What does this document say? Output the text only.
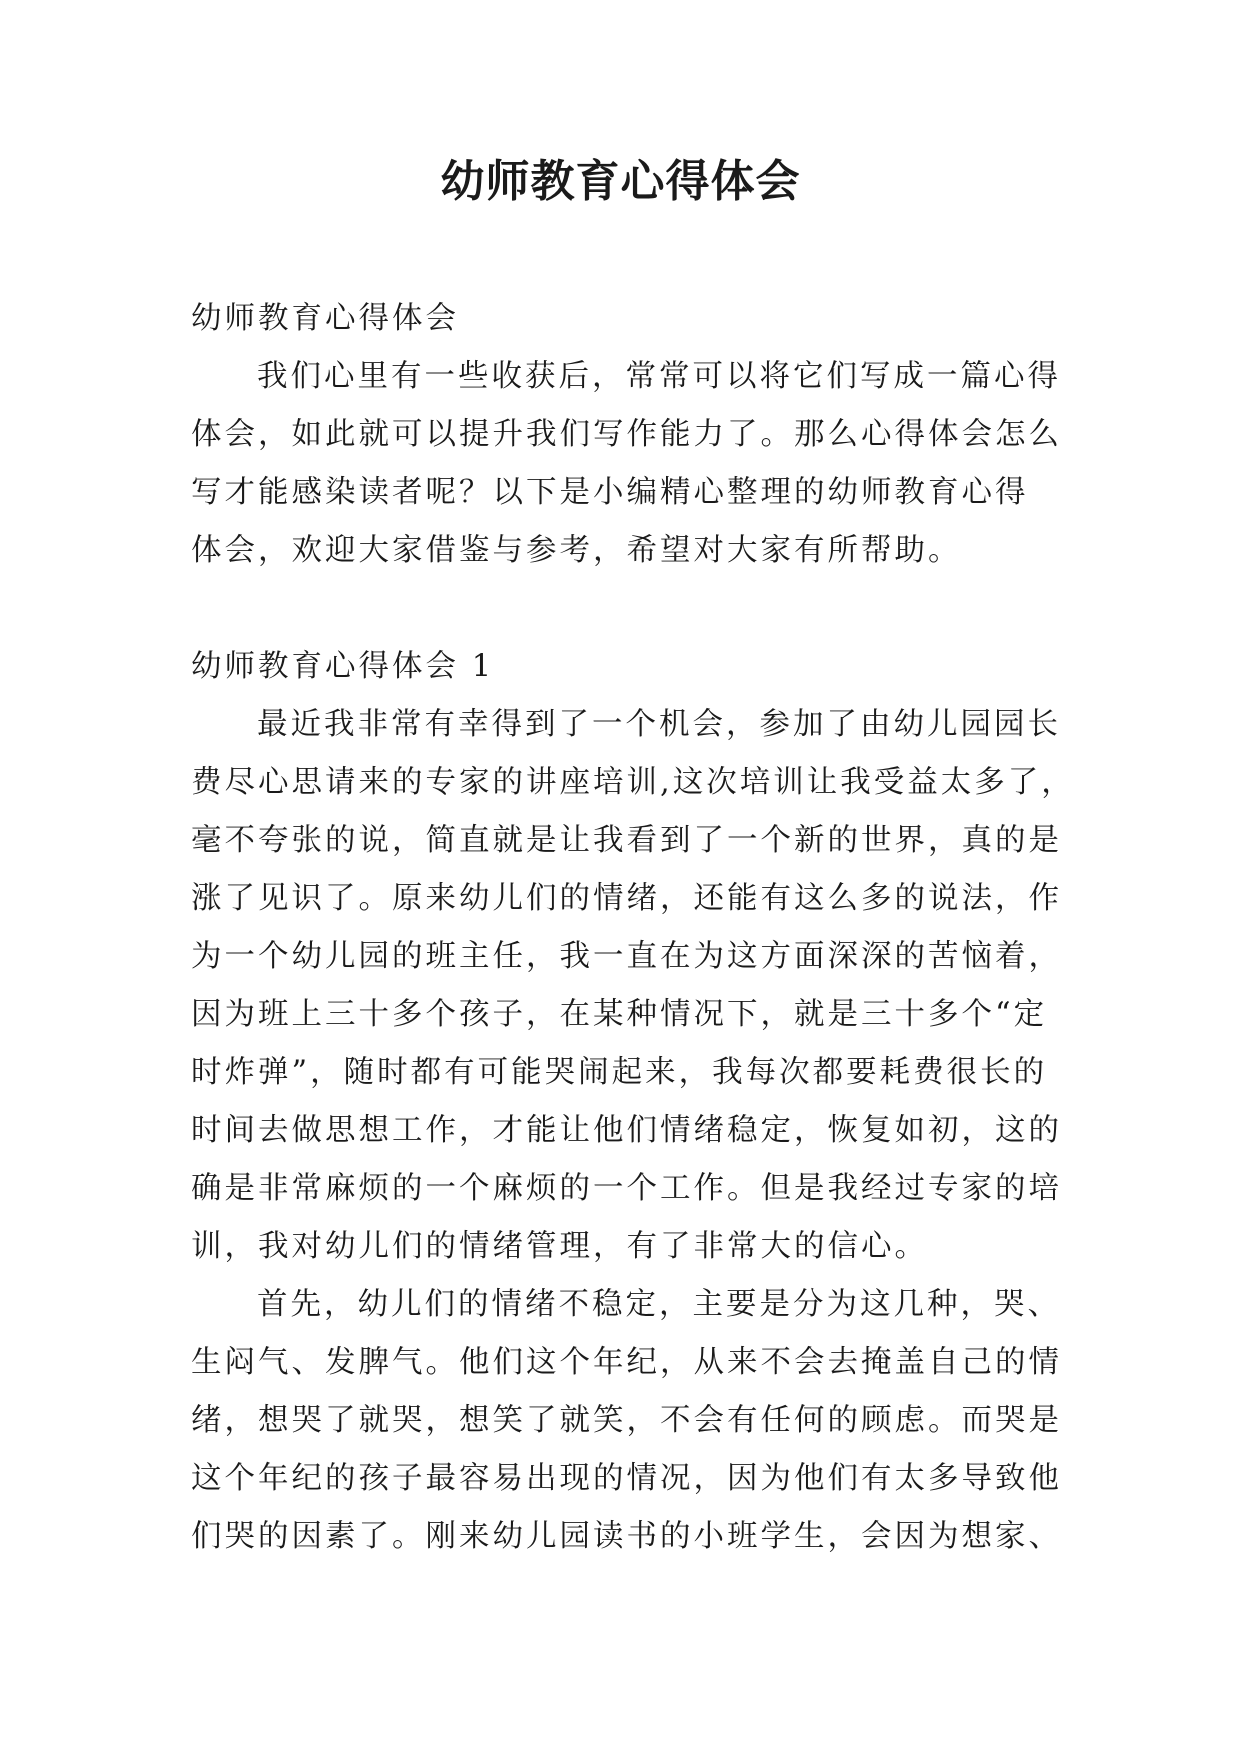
幼师教育心得体会
幼师教育心得体会
我们心里有一些收获后，常常可以将它们写成一篇心得
体会，如此就可以提升我们写作能力了。那么心得体会怎么
写才能感染读者呢？以下是小编精心整理的幼师教育心得
体会，欢迎大家借鉴与参考，希望对大家有所帮助。
幼师教育心得体会 1
最近我非常有幸得到了一个机会，参加了由幼儿园园长
费尽心思请来的专家的讲座培训,这次培训让我受益太多了，
毫不夸张的说，简直就是让我看到了一个新的世界，真的是
涨了见识了。原来幼儿们的情绪，还能有这么多的说法，作
为一个幼儿园的班主任，我一直在为这方面深深的苦恼着，
因为班上三十多个孩子，在某种情况下，就是三十多个“定
时炸弹”，随时都有可能哭闹起来，我每次都要耗费很长的
时间去做思想工作，才能让他们情绪稳定，恢复如初，这的
确是非常麻烦的一个麻烦的一个工作。但是我经过专家的培
训，我对幼儿们的情绪管理，有了非常大的信心。
首先，幼儿们的情绪不稳定，主要是分为这几种，哭、
生闷气、发脾气。他们这个年纪，从来不会去掩盖自己的情
绪，想哭了就哭，想笑了就笑，不会有任何的顾虑。而哭是
这个年纪的孩子最容易出现的情况，因为他们有太多导致他
们哭的因素了。刚来幼儿园读书的小班学生，会因为想家、
